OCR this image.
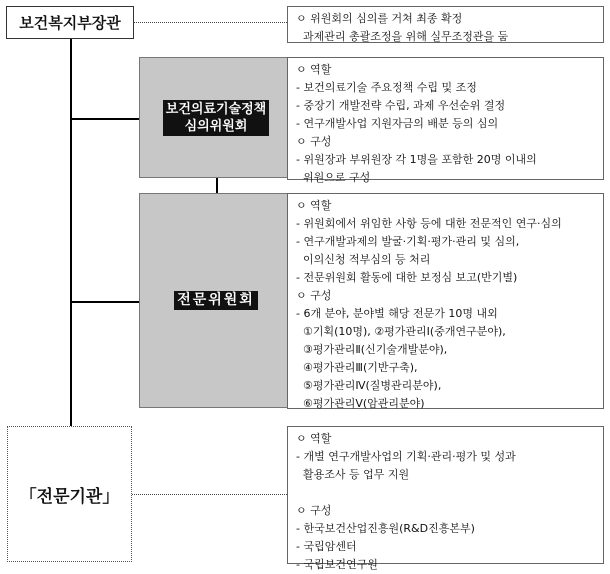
보건복지부장관
보건의료기술정책
심의위원회
전문위원회
「전문기관」
ㅇ 위원회의 심의를 거쳐 최종 확정
과제관리 총괄조정을 위해 실무조정관을 둠
ㅇ 역할
- 보건의료기술 주요정책 수립 및 조정
- 중장기 개발전략 수립, 과제 우선순위 결정
- 연구개발사업 지원자금의 배분 등의 심의
ㅇ 구성
- 위원장과 부위원장 각 1명을 포함한 20명 이내의
위원으로 구성
ㅇ 역할
- 위원회에서 위임한 사항 등에 대한 전문적인 연구·심의
- 연구개발과제의 발굴·기획·평가·관리 및 심의,
이의신청 적부심의 등 처리
- 전문위원회 활동에 대한 보정심 보고(반기별)
ㅇ 구성
- 6개 분야, 분야별 해당 전문가 10명 내외
①기획(10명), ②평가관리Ⅰ(중개연구분야),
③평가관리Ⅱ(신기술개발분야),
④평가관리Ⅲ(기반구축),
⑤평가관리Ⅳ(질병관리분야),
⑥평가관리Ⅴ(암관리분야)
ㅇ 역할
- 개별 연구개발사업의 기획·관리·평가 및 성과
활용조사 등 업무 지원
ㅇ 구성
- 한국보건산업진흥원(R&D진흥본부)
- 국립암센터
- 국립보건연구원
